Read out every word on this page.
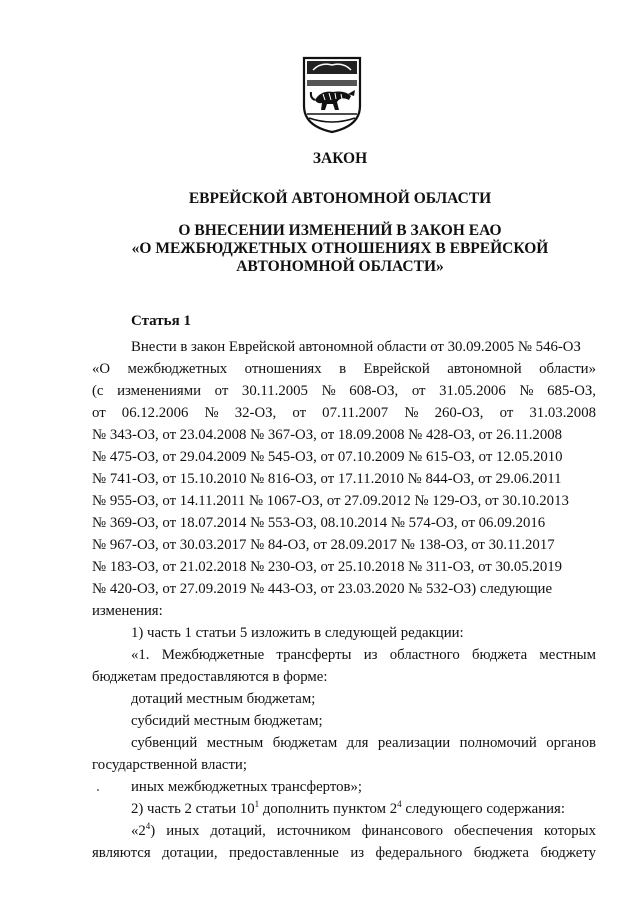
ЗАКОН
ЕВРЕЙСКОЙ АВТОНОМНОЙ ОБЛАСТИ
О ВНЕСЕНИИ ИЗМЕНЕНИЙ В ЗАКОН ЕАО
«О МЕЖБЮДЖЕТНЫХ ОТНОШЕНИЯХ В ЕВРЕЙСКОЙ
АВТОНОМНОЙ ОБЛАСТИ»
Статья 1
Внести в закон Еврейской автономной области от 30.09.2005 № 546-ОЗ
«О межбюджетных отношениях в Еврейской автономной области»
(с изменениями от 30.11.2005 № 608-ОЗ, от 31.05.2006 № 685-ОЗ,
от 06.12.2006 № 32-ОЗ, от 07.11.2007 № 260-ОЗ, от 31.03.2008
№ 343-ОЗ, от 23.04.2008 № 367-ОЗ, от 18.09.2008 № 428-ОЗ, от 26.11.2008
№ 475-ОЗ, от 29.04.2009 № 545-ОЗ, от 07.10.2009 № 615-ОЗ, от 12.05.2010
№ 741-ОЗ, от 15.10.2010 № 816-ОЗ, от 17.11.2010 № 844-ОЗ, от 29.06.2011
№ 955-ОЗ, от 14.11.2011 № 1067-ОЗ, от 27.09.2012 № 129-ОЗ, от 30.10.2013
№ 369-ОЗ, от 18.07.2014 № 553-ОЗ, 08.10.2014 № 574-ОЗ, от 06.09.2016
№ 967-ОЗ, от 30.03.2017 № 84-ОЗ, от 28.09.2017 № 138-ОЗ, от 30.11.2017
№ 183-ОЗ, от 21.02.2018 № 230-ОЗ, от 25.10.2018 № 311-ОЗ, от 30.05.2019
№ 420-ОЗ, от 27.09.2019 № 443-ОЗ, от 23.03.2020 № 532-ОЗ) следующие
изменения:
1) часть 1 статьи 5 изложить в следующей редакции:
«1. Межбюджетные трансферты из областного бюджета местным
бюджетам предоставляются в форме:
дотаций местным бюджетам;
субсидий местным бюджетам;
субвенций местным бюджетам для реализации полномочий органов
государственной власти;
иных межбюджетных трансфертов»;
2) часть 2 статьи $10^1$ дополнить пунктом $2^4$ следующего содержания:
«$2^4$) иных дотаций, источником финансового обеспечения которых
являются дотации, предоставленные из федерального бюджета бюджету
